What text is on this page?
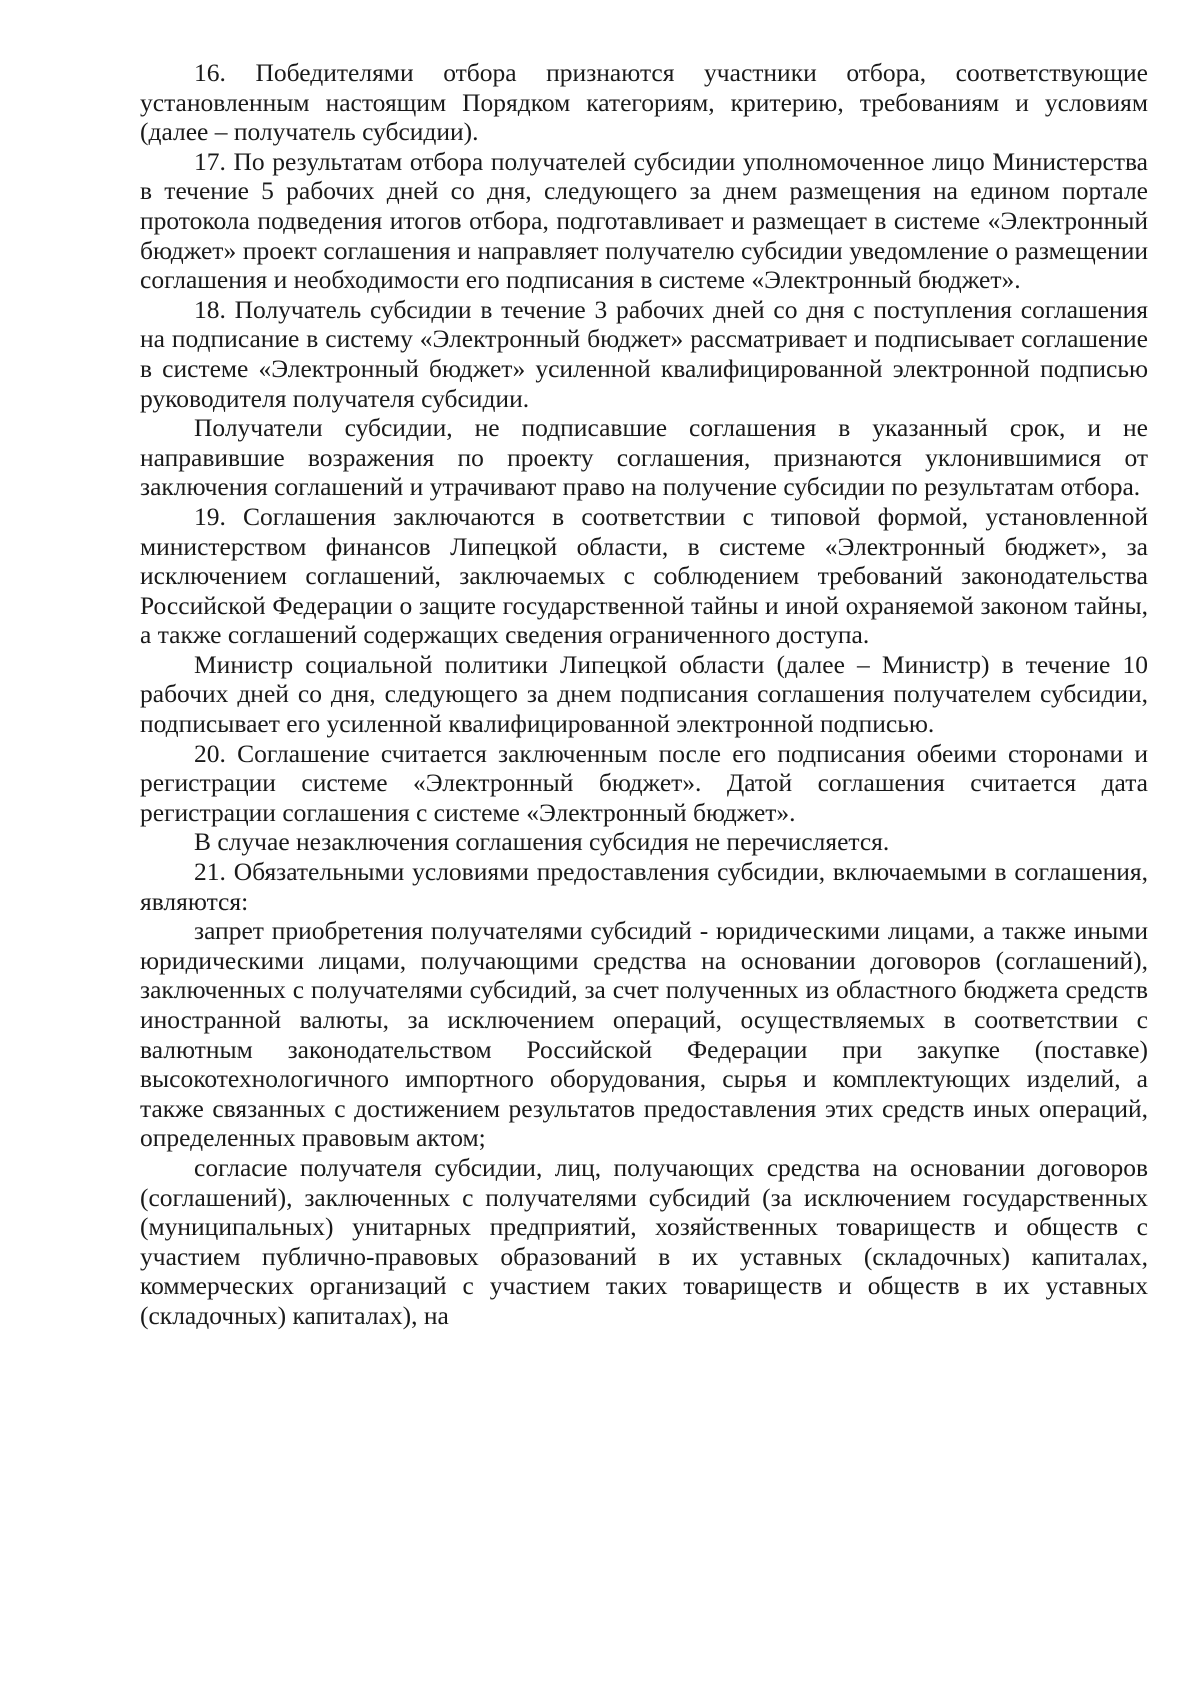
16. Победителями отбора признаются участники отбора, соответствующие установленным настоящим Порядком категориям, критерию, требованиям и условиям (далее – получатель субсидии).

17. По результатам отбора получателей субсидии уполномоченное лицо Министерства в течение 5 рабочих дней со дня, следующего за днем размещения на едином портале протокола подведения итогов отбора, подготавливает и размещает в системе «Электронный бюджет» проект соглашения и направляет получателю субсидии уведомление о размещении соглашения и необходимости его подписания в системе «Электронный бюджет».

18. Получатель субсидии в течение 3 рабочих дней со дня с поступления соглашения на подписание в систему «Электронный бюджет» рассматривает и подписывает соглашение в системе «Электронный бюджет» усиленной квалифицированной электронной подписью руководителя получателя субсидии.

Получатели субсидии, не подписавшие соглашения в указанный срок, и не направившие возражения по проекту соглашения, признаются уклонившимися от заключения соглашений и утрачивают право на получение субсидии по результатам отбора.

19. Соглашения заключаются в соответствии с типовой формой, установленной министерством финансов Липецкой области, в системе «Электронный бюджет», за исключением соглашений, заключаемых с соблюдением требований законодательства Российской Федерации о защите государственной тайны и иной охраняемой законом тайны, а также соглашений содержащих сведения ограниченного доступа.

Министр социальной политики Липецкой области (далее – Министр) в течение 10 рабочих дней со дня, следующего за днем подписания соглашения получателем субсидии, подписывает его усиленной квалифицированной электронной подписью.

20. Соглашение считается заключенным после его подписания обеими сторонами и регистрации системе «Электронный бюджет». Датой соглашения считается дата регистрации соглашения с системе «Электронный бюджет».

В случае незаключения соглашения субсидия не перечисляется.

21. Обязательными условиями предоставления субсидии, включаемыми в соглашения, являются:

запрет приобретения получателями субсидий - юридическими лицами, а также иными юридическими лицами, получающими средства на основании договоров (соглашений), заключенных с получателями субсидий, за счет полученных из областного бюджета средств иностранной валюты, за исключением операций, осуществляемых в соответствии с валютным законодательством Российской Федерации при закупке (поставке) высокотехнологичного импортного оборудования, сырья и комплектующих изделий, а также связанных с достижением результатов предоставления этих средств иных операций, определенных правовым актом;

согласие получателя субсидии, лиц, получающих средства на основании договоров (соглашений), заключенных с получателями субсидий (за исключением государственных (муниципальных) унитарных предприятий, хозяйственных товариществ и обществ с участием публично-правовых образований в их уставных (складочных) капиталах, коммерческих организаций с участием таких товариществ и обществ в их уставных (складочных) капиталах), на
